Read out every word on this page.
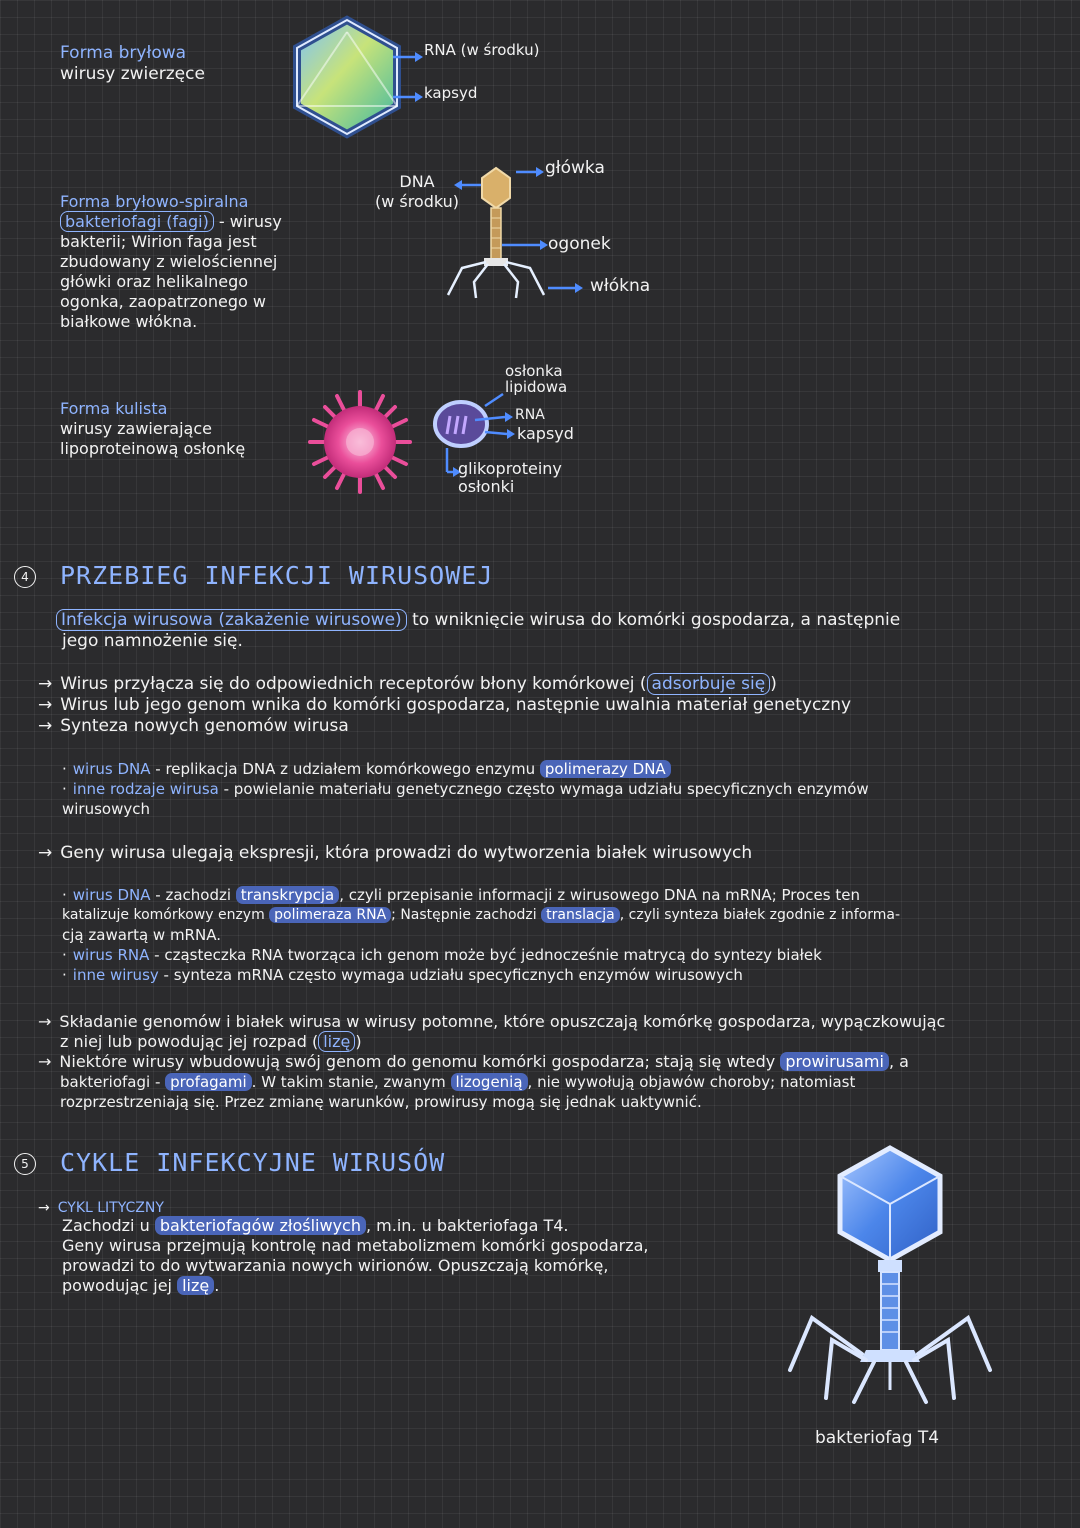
Forma bryłowa
wirusy zwierzęce
RNA (w środku)
kapsyd
Forma bryłowo-spiralna
bakteriofagi (fagi) - wirusy
bakterii; Wirion faga jest
zbudowany z wielościennej
główki oraz helikalnego
ogonka, zaopatrzonego w
białkowe włókna.
DNA
(w środku)
główka
ogonek
włókna
Forma kulista
wirusy zawierające
lipoproteinową osłonkę
osłonka
lipidowa
RNA
kapsyd
glikoproteiny
osłonki
4 PRZEBIEG INFEKCJI WIRUSOWEJ
Infekcja wirusowa (zakażenie wirusowe) to wniknięcie wirusa do komórki gospodarza, a następnie
jego namnożenie się.
→ Wirus przyłącza się do odpowiednich receptorów błony komórkowej ( adsorbuje się )
→ Wirus lub jego genom wnika do komórki gospodarza, następnie uwalnia materiał genetyczny
→ Synteza nowych genomów wirusa
· wirus DNA - replikacja DNA z udziałem komórkowego enzymu polimerazy DNA
· inne rodzaje wirusa - powielanie materiału genetycznego często wymaga udziału specyficznych enzymów
wirusowych
→ Geny wirusa ulegają ekspresji, która prowadzi do wytworzenia białek wirusowych
· wirus DNA - zachodzi transkrypcja , czyli przepisanie informacji z wirusowego DNA na mRNA; Proces ten
katalizuje komórkowy enzym polimeraza RNA ; Następnie zachodzi translacja , czyli synteza białek zgodnie z informa-
cją zawartą w mRNA.
· wirus RNA - cząsteczka RNA tworząca ich genom może być jednocześnie matrycą do syntezy białek
· inne wirusy - synteza mRNA często wymaga udziału specyficznych enzymów wirusowych
→ Składanie genomów i białek wirusa w wirusy potomne, które opuszczają komórkę gospodarza, wypączkowując
z niej lub powodując jej rozpad ( lizę )
→ Niektóre wirusy wbudowują swój genom do genomu komórki gospodarza; stają się wtedy prowirusami , a
bakteriofagi - profagami . W takim stanie, zwanym lizogenią , nie wywołują objawów choroby; natomiast
rozprzestrzeniają się. Przez zmianę warunków, prowirusy mogą się jednak uaktywnić.
5 CYKLE INFEKCYJNE WIRUSÓW
→ CYKL LITYCZNY
Zachodzi u bakteriofagów złośliwych , m.in. u bakteriofaga T4.
Geny wirusa przejmują kontrolę nad metabolizmem komórki gospodarza,
prowadzi to do wytwarzania nowych wirionów. Opuszczają komórkę,
powodując jej lizę .
bakteriofag T4
